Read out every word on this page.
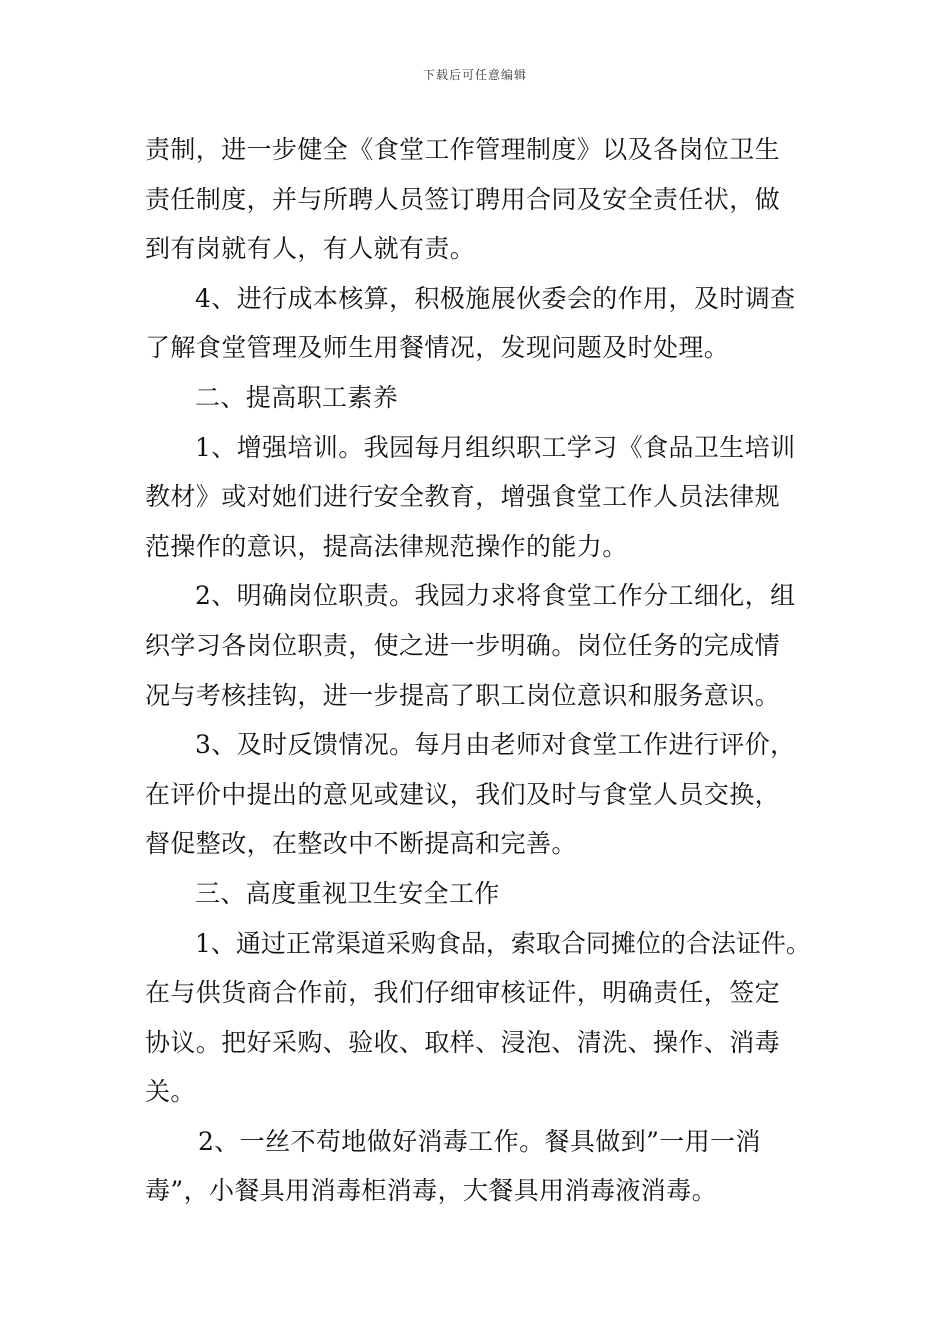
下载后可任意编辑
责制，进一步健全《食堂工作管理制度》以及各岗位卫生
责任制度，并与所聘人员签订聘用合同及安全责任状，做
到有岗就有人，有人就有责。
4、进行成本核算，积极施展伙委会的作用，及时调查
了解食堂管理及师生用餐情况，发现问题及时处理。
二、提高职工素养
1、增强培训。我园每月组织职工学习《食品卫生培训
教材》或对她们进行安全教育，增强食堂工作人员法律规
范操作的意识，提高法律规范操作的能力。
2、明确岗位职责。我园力求将食堂工作分工细化，组
织学习各岗位职责，使之进一步明确。岗位任务的完成情
况与考核挂钩，进一步提高了职工岗位意识和服务意识。
3、及时反馈情况。每月由老师对食堂工作进行评价，
在评价中提出的意见或建议，我们及时与食堂人员交换，
督促整改，在整改中不断提高和完善。
三、高度重视卫生安全工作
1、通过正常渠道采购食品，索取合同摊位的合法证件。
在与供货商合作前，我们仔细审核证件，明确责任，签定
协议。把好采购、验收、取样、浸泡、清洗、操作、消毒
关。
2、一丝不苟地做好消毒工作。餐具做到”一用一消
毒”，小餐具用消毒柜消毒，大餐具用消毒液消毒。
